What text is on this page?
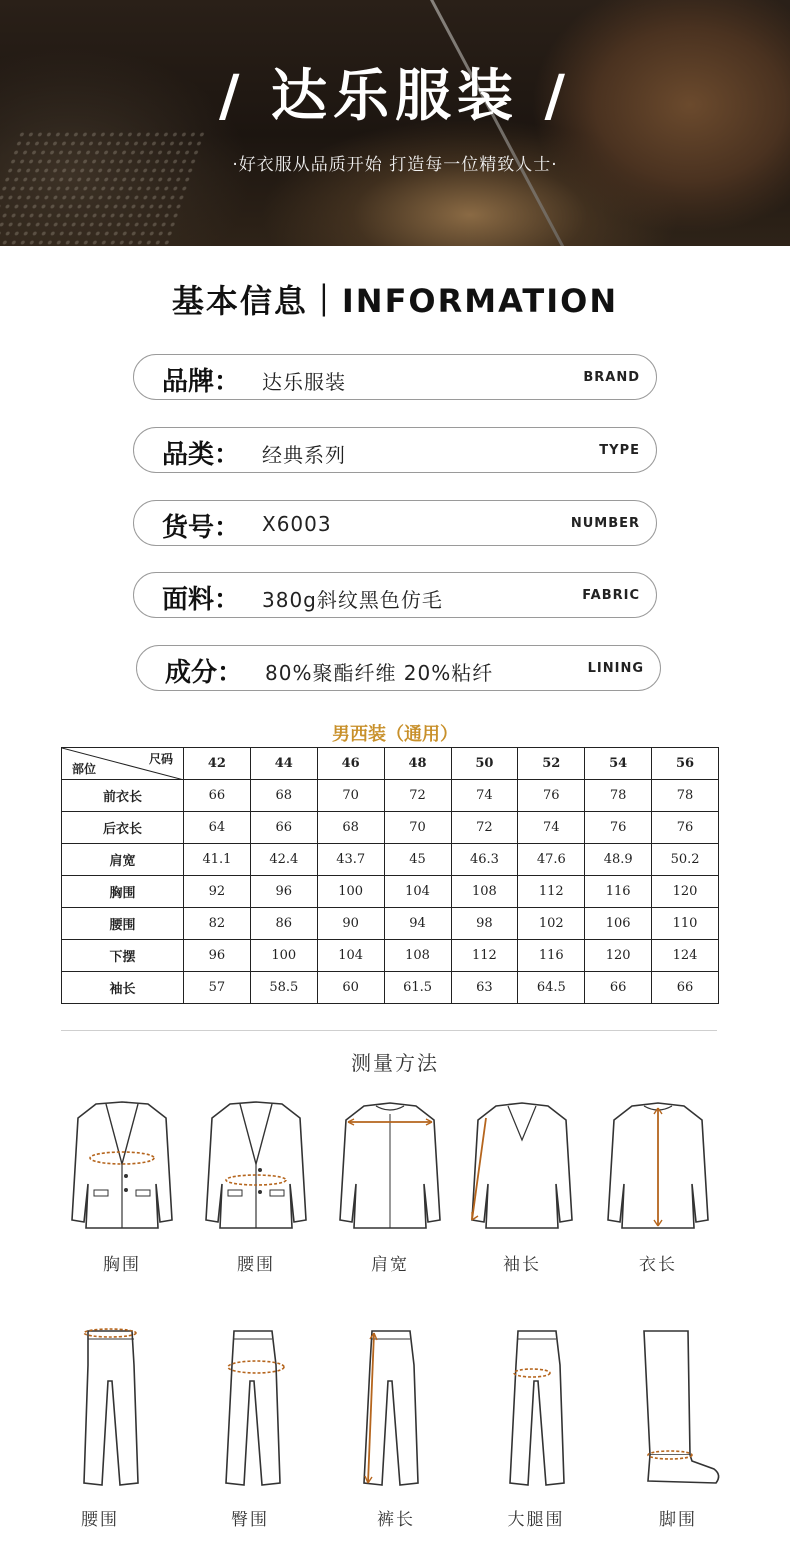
/ 达乐服装 /
·好衣服从品质开始 打造每一位精致人士·
基本信息｜INFORMATION
品牌： 达乐服装	BRAND
品类： 经典系列	TYPE
货号： X6003	NUMBER
面料： 380g斜纹黑色仿毛	FABRIC
成分： 80%聚酯纤维 20%粘纤	LINING
男西装（通用）
尺码
部位	42	44	46	48	50	52	54	56
前衣长	66	68	70	72	74	76	78	78
后衣长	64	66	68	70	72	74	76	76
肩宽	41.1	42.4	43.7	45	46.3	47.6	48.9	50.2
胸围	92	96	100	104	108	112	116	120
腰围	82	86	90	94	98	102	106	110
下摆	96	100	104	108	112	116	120	124
袖长	57	58.5	60	61.5	63	64.5	66	66
测量方法
胸围	腰围	肩宽	袖长	衣长
腰围	臀围	裤长	大腿围	脚围
